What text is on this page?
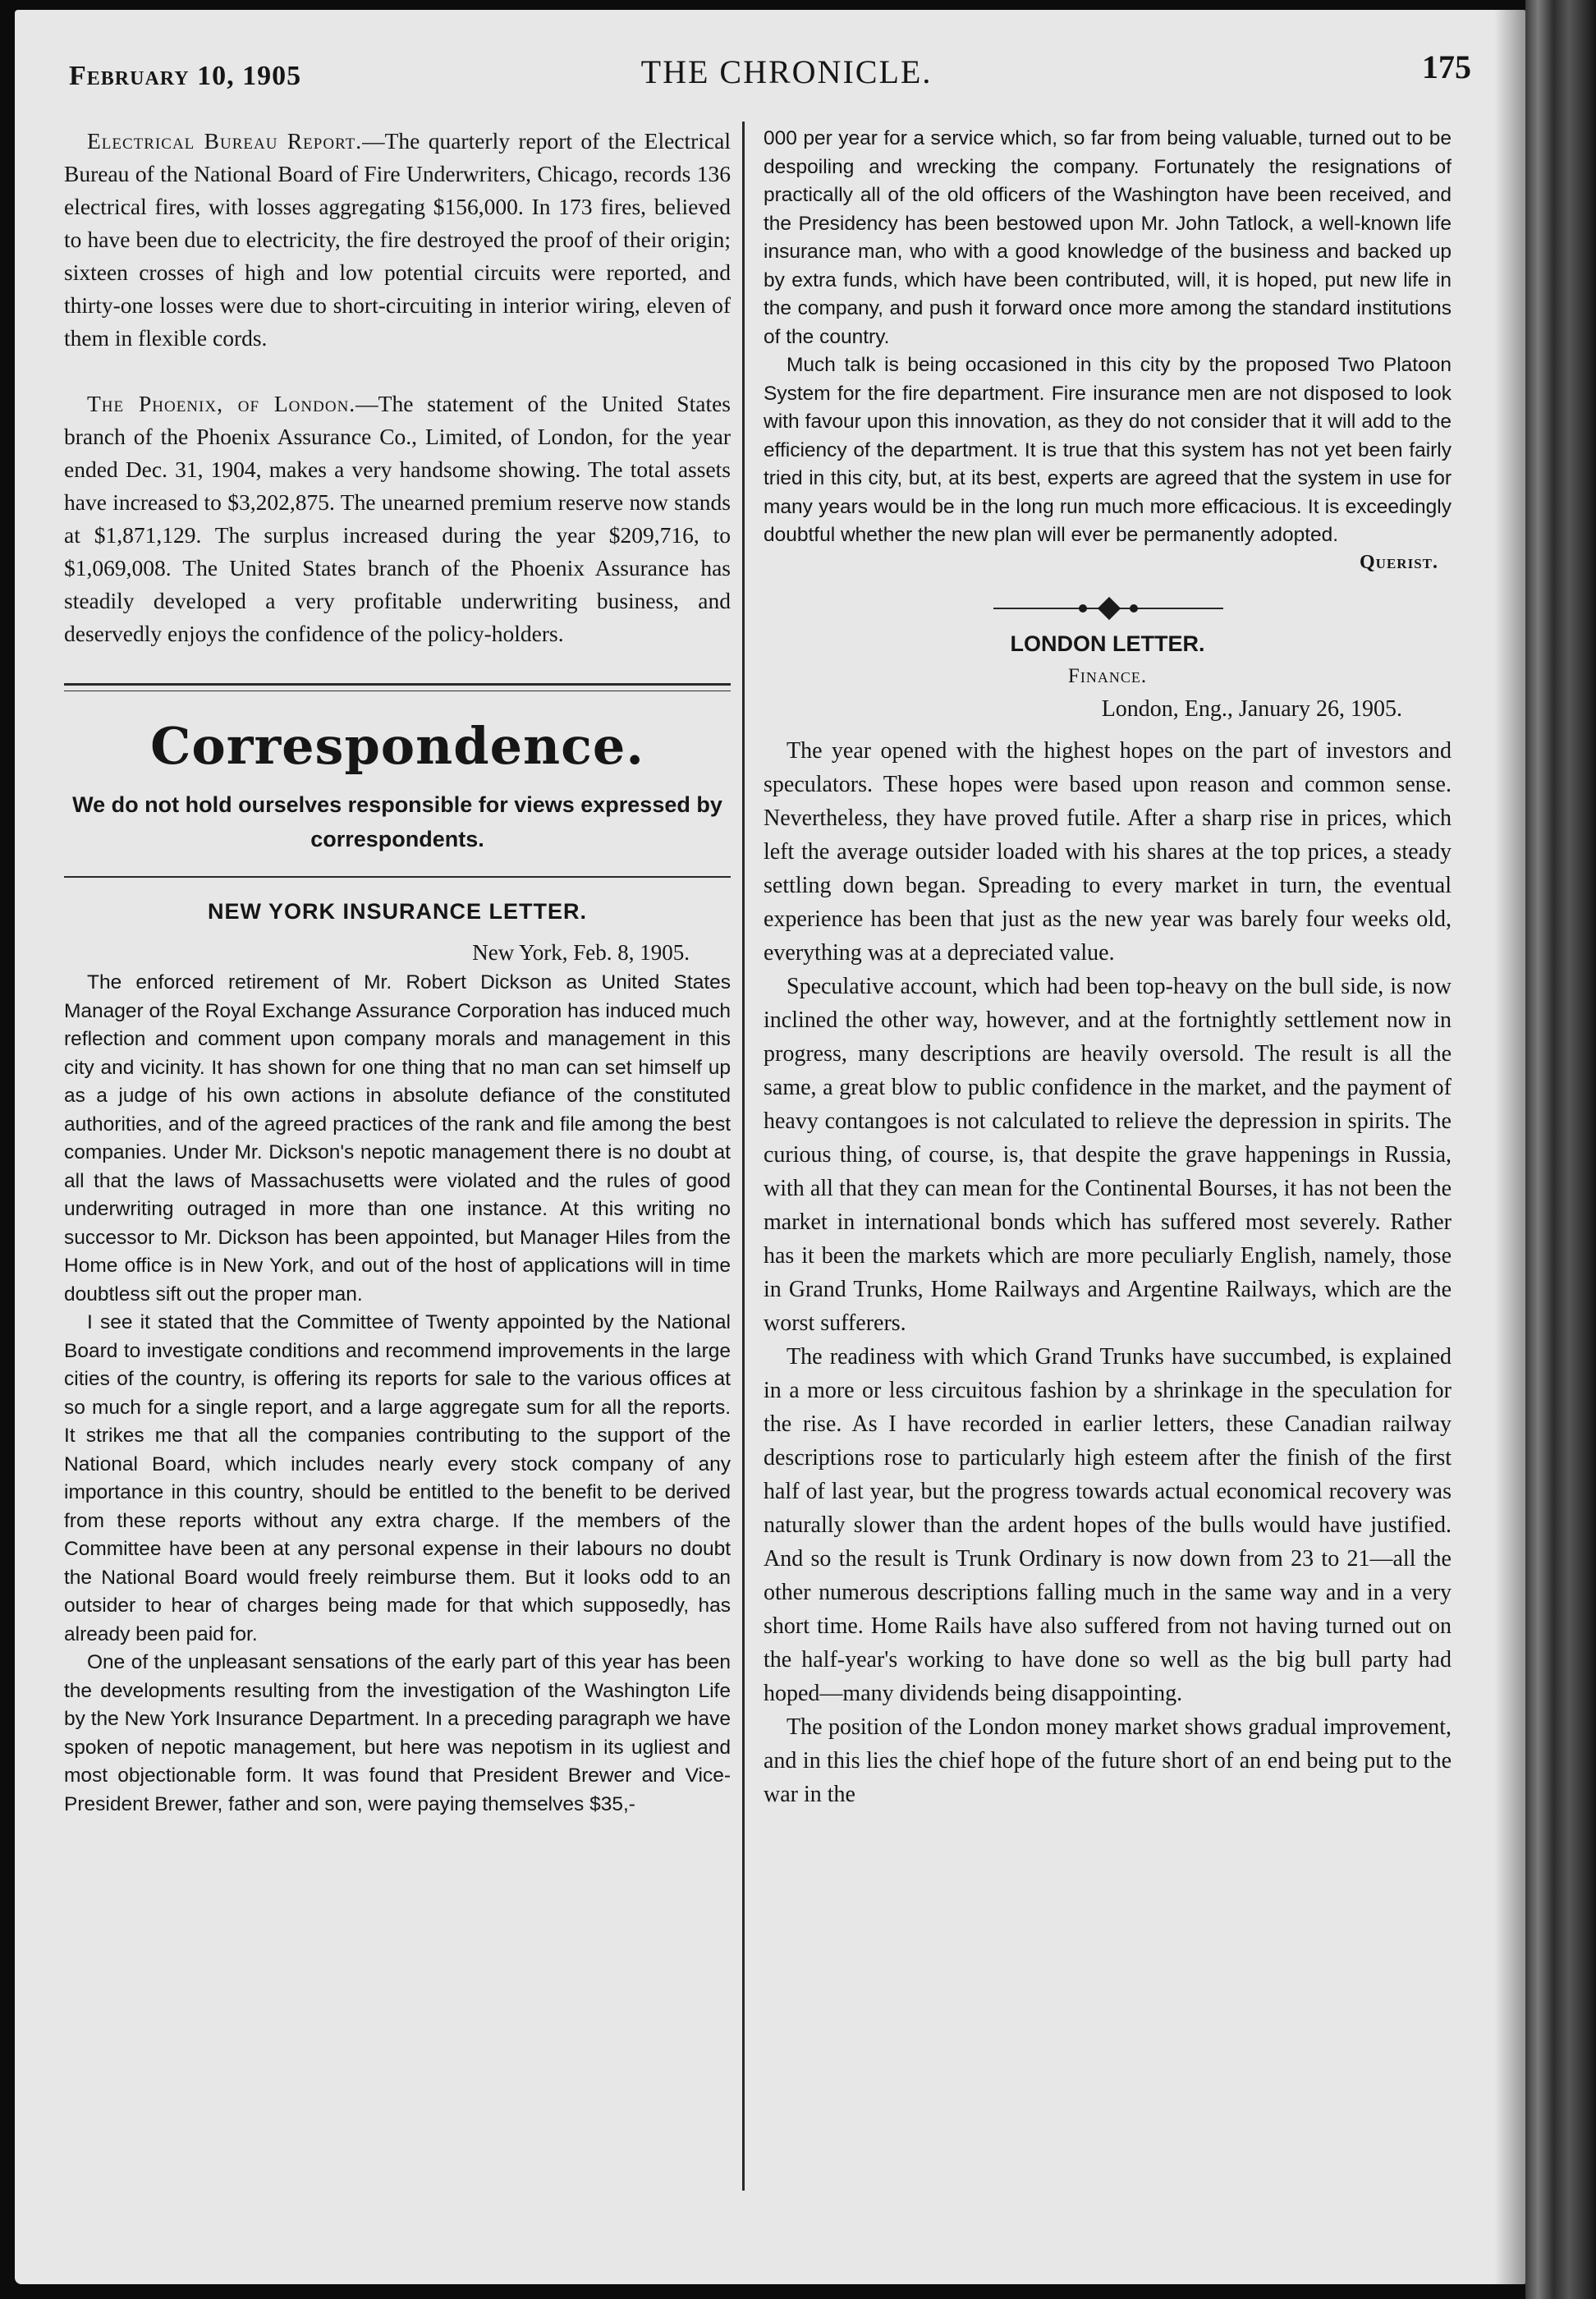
February 10, 1905	THE CHRONICLE.	175

Electrical Bureau Report.—The quarterly report of the Electrical Bureau of the National Board of Fire Underwriters, Chicago, records 136 electrical fires, with losses aggregating $156,000. In 173 fires, believed to have been due to electricity, the fire destroyed the proof of their origin; sixteen crosses of high and low potential circuits were reported, and thirty-one losses were due to short-circuiting in interior wiring, eleven of them in flexible cords.

The Phoenix, of London.—The statement of the United States branch of the Phoenix Assurance Co., Limited, of London, for the year ended Dec. 31, 1904, makes a very handsome showing. The total assets have increased to $3,202,875. The unearned premium reserve now stands at $1,871,129. The surplus increased during the year $209,716, to $1,069,008. The United States branch of the Phoenix Assurance has steadily developed a very profitable underwriting business, and deservedly enjoys the confidence of the policy-holders.

Correspondence.
We do not hold ourselves responsible for views expressed by correspondents.
NEW YORK INSURANCE LETTER.
New York, Feb. 8, 1905.

The enforced retirement of Mr. Robert Dickson as United States Manager of the Royal Exchange Assurance Corporation has induced much reflection and comment upon company morals and management in this city and vicinity. It has shown for one thing that no man can set himself up as a judge of his own actions in absolute defiance of the constituted authorities, and of the agreed practices of the rank and file among the best companies. Under Mr. Dickson's nepotic management there is no doubt at all that the laws of Massachusetts were violated and the rules of good underwriting outraged in more than one instance. At this writing no successor to Mr. Dickson has been appointed, but Manager Hiles from the Home office is in New York, and out of the host of applications will in time doubtless sift out the proper man.

I see it stated that the Committee of Twenty appointed by the National Board to investigate conditions and recommend improvements in the large cities of the country, is offering its reports for sale to the various offices at so much for a single report, and a large aggregate sum for all the reports. It strikes me that all the companies contributing to the support of the National Board, which includes nearly every stock company of any importance in this country, should be entitled to the benefit to be derived from these reports without any extra charge. If the members of the Committee have been at any personal expense in their labours no doubt the National Board would freely reimburse them. But it looks odd to an outsider to hear of charges being made for that which supposedly, has already been paid for.

One of the unpleasant sensations of the early part of this year has been the developments resulting from the investigation of the Washington Life by the New York Insurance Department. In a preceding paragraph we have spoken of nepotic management, but here was nepotism in its ugliest and most objectionable form. It was found that President Brewer and Vice-President Brewer, father and son, were paying themselves $35,-

000 per year for a service which, so far from being valuable, turned out to be despoiling and wrecking the company. Fortunately the resignations of practically all of the old officers of the Washington have been received, and the Presidency has been bestowed upon Mr. John Tatlock, a well-known life insurance man, who with a good knowledge of the business and backed up by extra funds, which have been contributed, will, it is hoped, put new life in the company, and push it forward once more among the standard institutions of the country.

Much talk is being occasioned in this city by the proposed Two Platoon System for the fire department. Fire insurance men are not disposed to look with favour upon this innovation, as they do not consider that it will add to the efficiency of the department. It is true that this system has not yet been fairly tried in this city, but, at its best, experts are agreed that the system in use for many years would be in the long run much more efficacious. It is exceedingly doubtful whether the new plan will ever be permanently adopted.

Querist.
LONDON LETTER.
Finance.
London, Eng., January 26, 1905.

The year opened with the highest hopes on the part of investors and speculators. These hopes were based upon reason and common sense. Nevertheless, they have proved futile. After a sharp rise in prices, which left the average outsider loaded with his shares at the top prices, a steady settling down began. Spreading to every market in turn, the eventual experience has been that just as the new year was barely four weeks old, everything was at a depreciated value.

Speculative account, which had been top-heavy on the bull side, is now inclined the other way, however, and at the fortnightly settlement now in progress, many descriptions are heavily oversold. The result is all the same, a great blow to public confidence in the market, and the payment of heavy contangoes is not calculated to relieve the depression in spirits. The curious thing, of course, is, that despite the grave happenings in Russia, with all that they can mean for the Continental Bourses, it has not been the market in international bonds which has suffered most severely. Rather has it been the markets which are more peculiarly English, namely, those in Grand Trunks, Home Railways and Argentine Railways, which are the worst sufferers.

The readiness with which Grand Trunks have succumbed, is explained in a more or less circuitous fashion by a shrinkage in the speculation for the rise. As I have recorded in earlier letters, these Canadian railway descriptions rose to particularly high esteem after the finish of the first half of last year, but the progress towards actual economical recovery was naturally slower than the ardent hopes of the bulls would have justified. And so the result is Trunk Ordinary is now down from 23 to 21—all the other numerous descriptions falling much in the same way and in a very short time. Home Rails have also suffered from not having turned out on the half-year's working to have done so well as the big bull party had hoped—many dividends being disappointing.

The position of the London money market shows gradual improvement, and in this lies the chief hope of the future short of an end being put to the war in the
